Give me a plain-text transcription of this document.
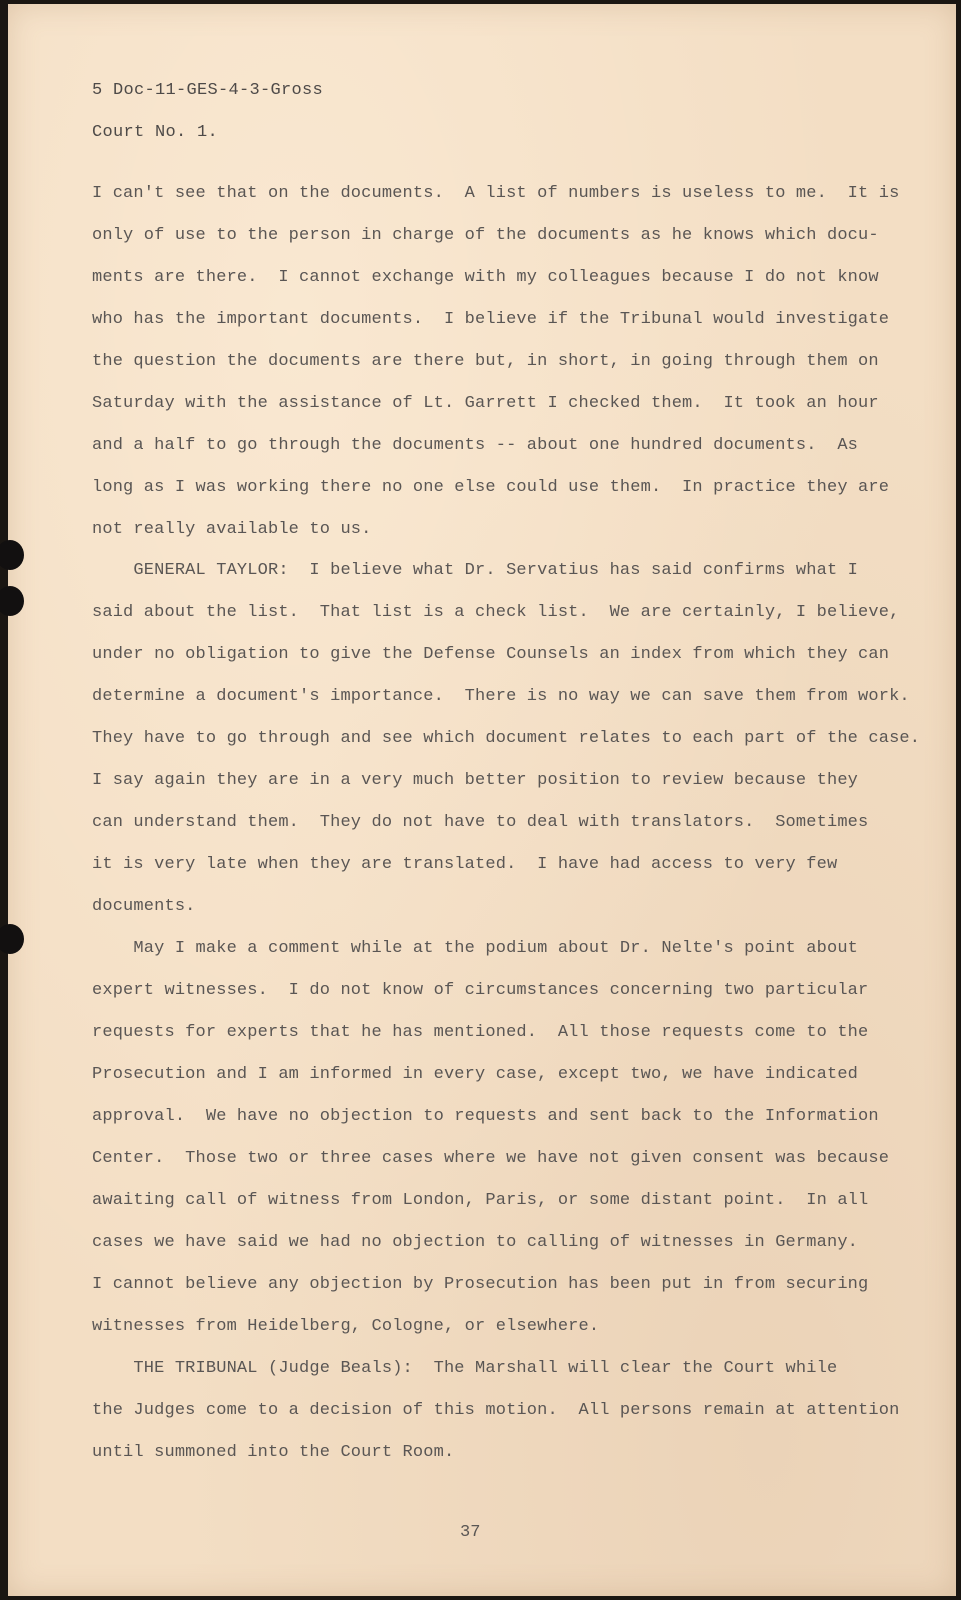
5 Doc-11-GES-4-3-Gross
Court No. 1.
I can't see that on the documents.  A list of numbers is useless to me.  It is
only of use to the person in charge of the documents as he knows which docu-
ments are there.  I cannot exchange with my colleagues because I do not know
who has the important documents.  I believe if the Tribunal would investigate
the question the documents are there but, in short, in going through them on
Saturday with the assistance of Lt. Garrett I checked them.  It took an hour
and a half to go through the documents -- about one hundred documents.  As
long as I was working there no one else could use them.  In practice they are
not really available to us.
GENERAL TAYLOR:  I believe what Dr. Servatius has said confirms what I
said about the list.  That list is a check list.  We are certainly, I believe,
under no obligation to give the Defense Counsels an index from which they can
determine a document's importance.  There is no way we can save them from work.
They have to go through and see which document relates to each part of the case.
I say again they are in a very much better position to review because they
can understand them.  They do not have to deal with translators.  Sometimes
it is very late when they are translated.  I have had access to very few
documents.
May I make a comment while at the podium about Dr. Nelte's point about
expert witnesses.  I do not know of circumstances concerning two particular
requests for experts that he has mentioned.  All those requests come to the
Prosecution and I am informed in every case, except two, we have indicated
approval.  We have no objection to requests and sent back to the Information
Center.  Those two or three cases where we have not given consent was because
awaiting call of witness from London, Paris, or some distant point.  In all
cases we have said we had no objection to calling of witnesses in Germany.
I cannot believe any objection by Prosecution has been put in from securing
witnesses from Heidelberg, Cologne, or elsewhere.
THE TRIBUNAL (Judge Beals):  The Marshall will clear the Court while
the Judges come to a decision of this motion.  All persons remain at attention
until summoned into the Court Room.
37
